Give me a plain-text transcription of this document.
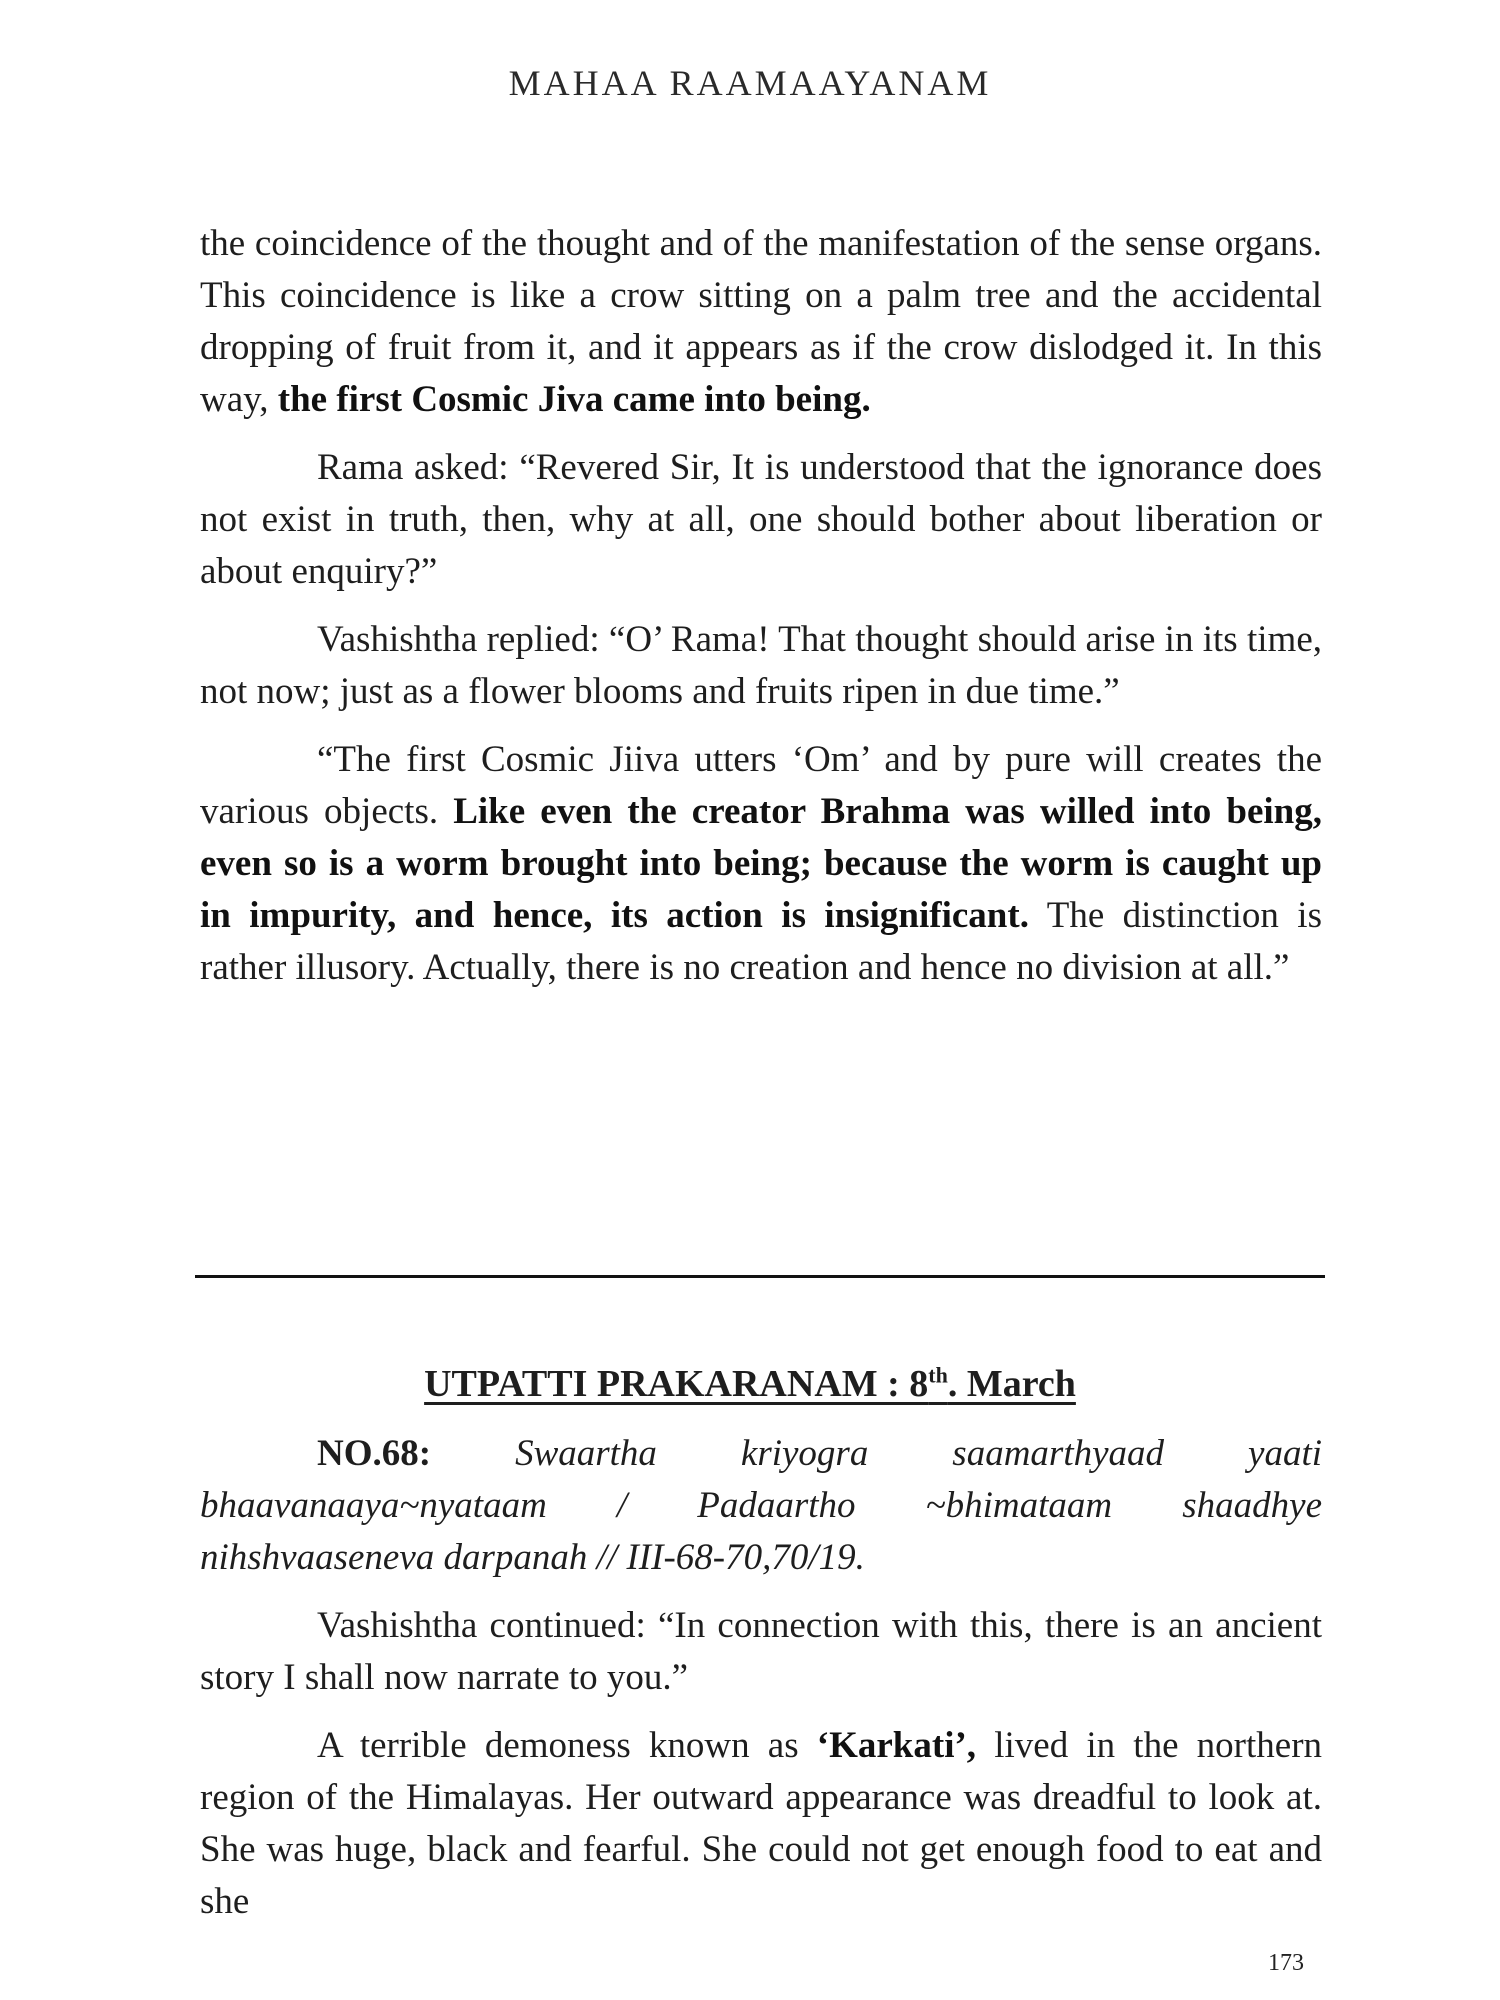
MAHAA RAAMAAYANAM

the coincidence of the thought and of the manifestation of the sense organs. This coincidence is like a crow sitting on a palm tree and the accidental dropping of fruit from it, and it appears as if the crow dislodged it. In this way, the first Cosmic Jiva came into being.

Rama asked: “Revered Sir, It is understood that the ignorance does not exist in truth, then, why at all, one should bother about liberation or about enquiry?”

Vashishtha replied: “O’ Rama! That thought should arise in its time, not now; just as a flower blooms and fruits ripen in due time.”

“The first Cosmic Jiiva utters ‘Om’ and by pure will creates the various objects. Like even the creator Brahma was willed into being, even so is a worm brought into being; because the worm is caught up in impurity, and hence, its action is insignificant. The distinction is rather illusory. Actually, there is no creation and hence no division at all.”

UTPATTI PRAKARANAM : 8th. March

NO.68: Swaartha kriyogra saamarthyaad yaati bhaavanaaya~nyataam / Padaartho ~bhimataam shaadhye nihshvaaseneva darpanah // III-68-70,70/19.

Vashishtha continued: “In connection with this, there is an ancient story I shall now narrate to you.”

A terrible demoness known as ‘Karkati’, lived in the northern region of the Himalayas. Her outward appearance was dreadful to look at. She was huge, black and fearful. She could not get enough food to eat and she

173
